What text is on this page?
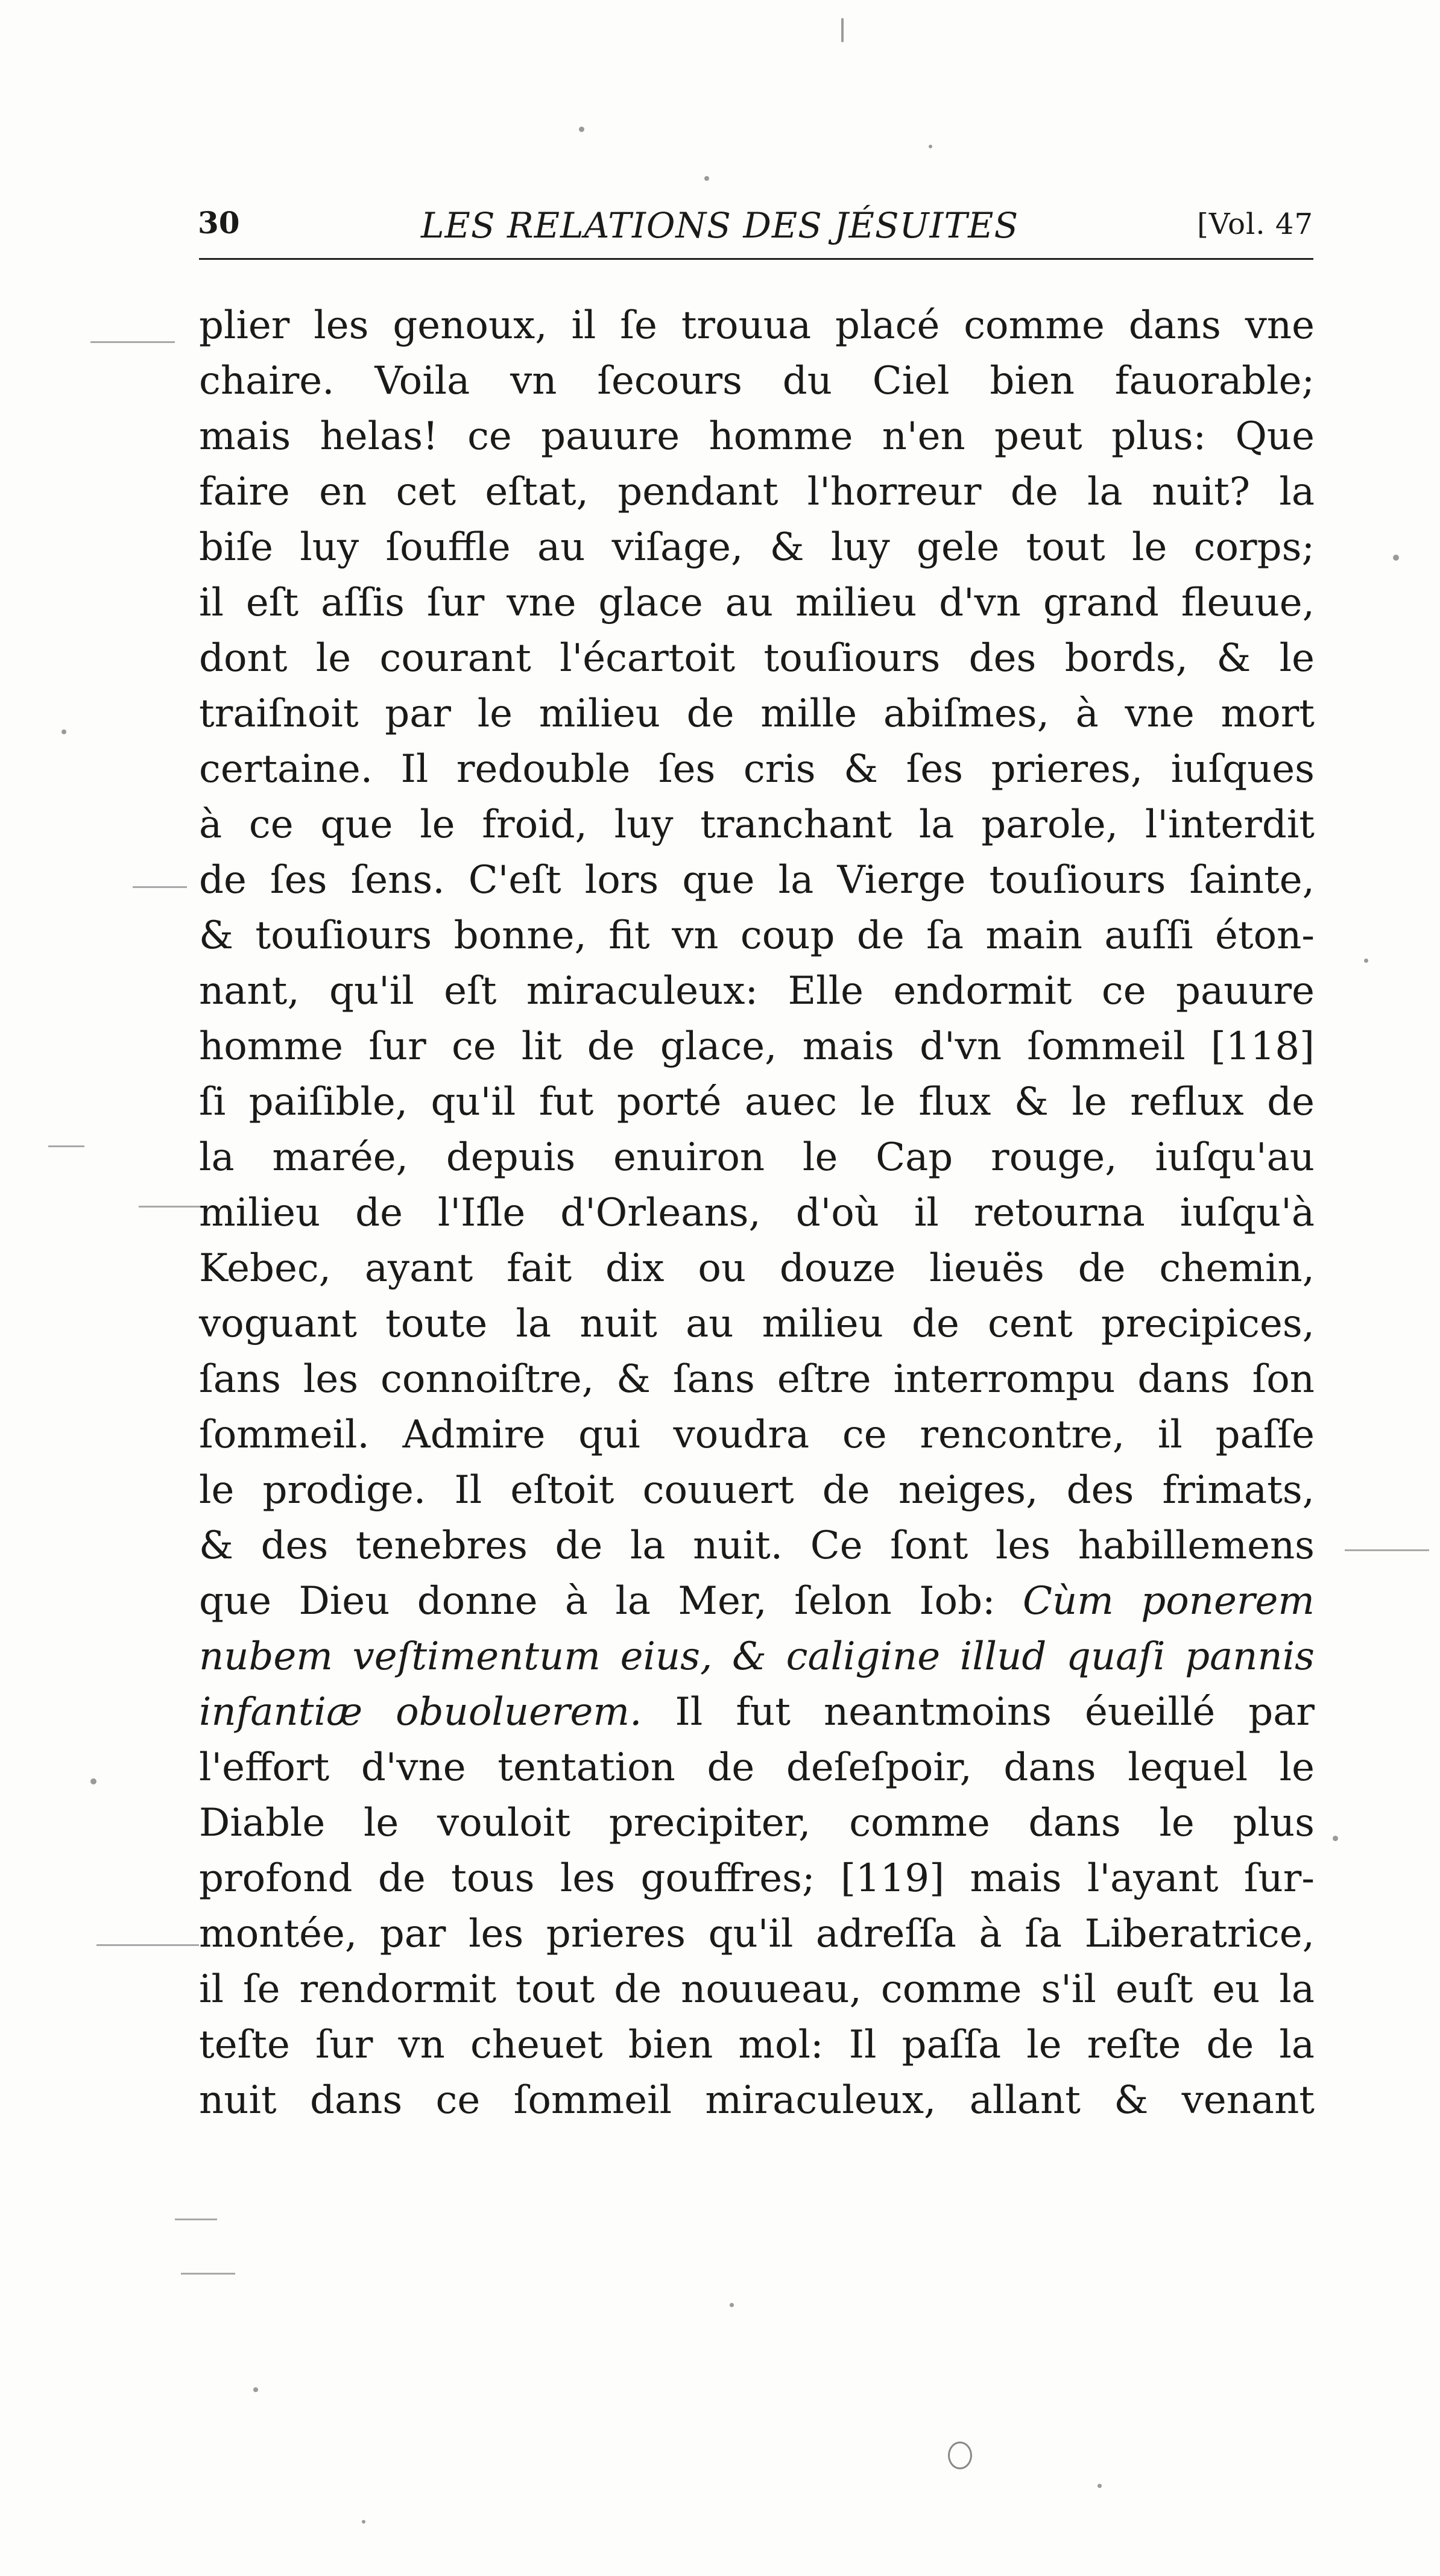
30	LES RELATIONS DES JÉSUITES	[Vol. 47
plier les genoux, il ſe trouua placé comme dans vne
chaire. Voila vn ſecours du Ciel bien fauorable;
mais helas! ce pauure homme n'en peut plus: Que
faire en cet eſtat, pendant l'horreur de la nuit? la
biſe luy ſouffle au viſage, & luy gele tout le corps;
il eſt aſſis ſur vne glace au milieu d'vn grand fleuue,
dont le courant l'écartoit touſiours des bords, & le
traiſnoit par le milieu de mille abiſmes, à vne mort
certaine. Il redouble ſes cris & ſes prieres, iuſques
à ce que le froid, luy tranchant la parole, l'interdit
de ſes ſens. C'eſt lors que la Vierge touſiours ſainte,
& touſiours bonne, fit vn coup de ſa main auſſi éton-
nant, qu'il eſt miraculeux: Elle endormit ce pauure
homme ſur ce lit de glace, mais d'vn ſommeil [118]
ſi paiſible, qu'il fut porté auec le flux & le reflux de
la marée, depuis enuiron le Cap rouge, iuſqu'au
milieu de l'Iſle d'Orleans, d'où il retourna iuſqu'à
Kebec, ayant fait dix ou douze lieuës de chemin,
voguant toute la nuit au milieu de cent precipices,
ſans les connoiſtre, & ſans eſtre interrompu dans ſon
ſommeil. Admire qui voudra ce rencontre, il paſſe
le prodige. Il eſtoit couuert de neiges, des frimats,
& des tenebres de la nuit. Ce ſont les habillemens
que Dieu donne à la Mer, ſelon Iob: Cùm ponerem
nubem veſtimentum eius, & caligine illud quaſi pannis
infantiæ obuoluerem. Il fut neantmoins éueillé par
l'effort d'vne tentation de deſeſpoir, dans lequel le
Diable le vouloit precipiter, comme dans le plus
profond de tous les gouffres; [119] mais l'ayant ſur-
montée, par les prieres qu'il adreſſa à ſa Liberatrice,
il ſe rendormit tout de nouueau, comme s'il euſt eu la
teſte ſur vn cheuet bien mol: Il paſſa le reſte de la
nuit dans ce ſommeil miraculeux, allant & venant
